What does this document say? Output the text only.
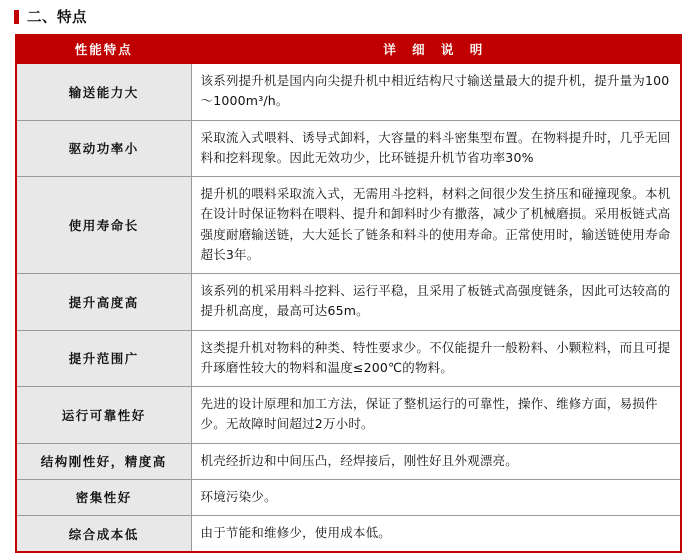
二、特点
性能特点	详 细 说 明
输送能力大	该系列提升机是国内向尖提升机中相近结构尺寸输送量最大的提升机，提升量为100～1000m³/h。
驱动功率小	采取流入式喂料、诱导式卸料，大容量的料斗密集型布置。在物料提升时，几乎无回料和挖料现象。因此无效功少，比环链提升机节省功率30%
使用寿命长	提升机的喂料采取流入式，无需用斗挖料，材料之间很少发生挤压和碰撞现象。本机在设计时保证物料在喂料、提升和卸料时少有撒落，减少了机械磨损。采用板链式高强度耐磨输送链，大大延长了链条和料斗的使用寿命。正常使用时，输送链使用寿命超长3年。
提升高度高	该系列的机采用料斗挖料、运行平稳，且采用了板链式高强度链条，因此可达较高的提升机高度，最高可达65m。
提升范围广	这类提升机对物料的种类、特性要求少。不仅能提升一般粉料、小颗粒料，而且可提升琢磨性较大的物料和温度≤200℃的物料。
运行可靠性好	先进的设计原理和加工方法，保证了整机运行的可靠性，操作、维修方面，易损件少。无故障时间超过2万小时。
结构刚性好，精度高	机壳经折边和中间压凸，经焊接后，刚性好且外观漂亮。
密集性好	环境污染少。
综合成本低	由于节能和维修少，使用成本低。
